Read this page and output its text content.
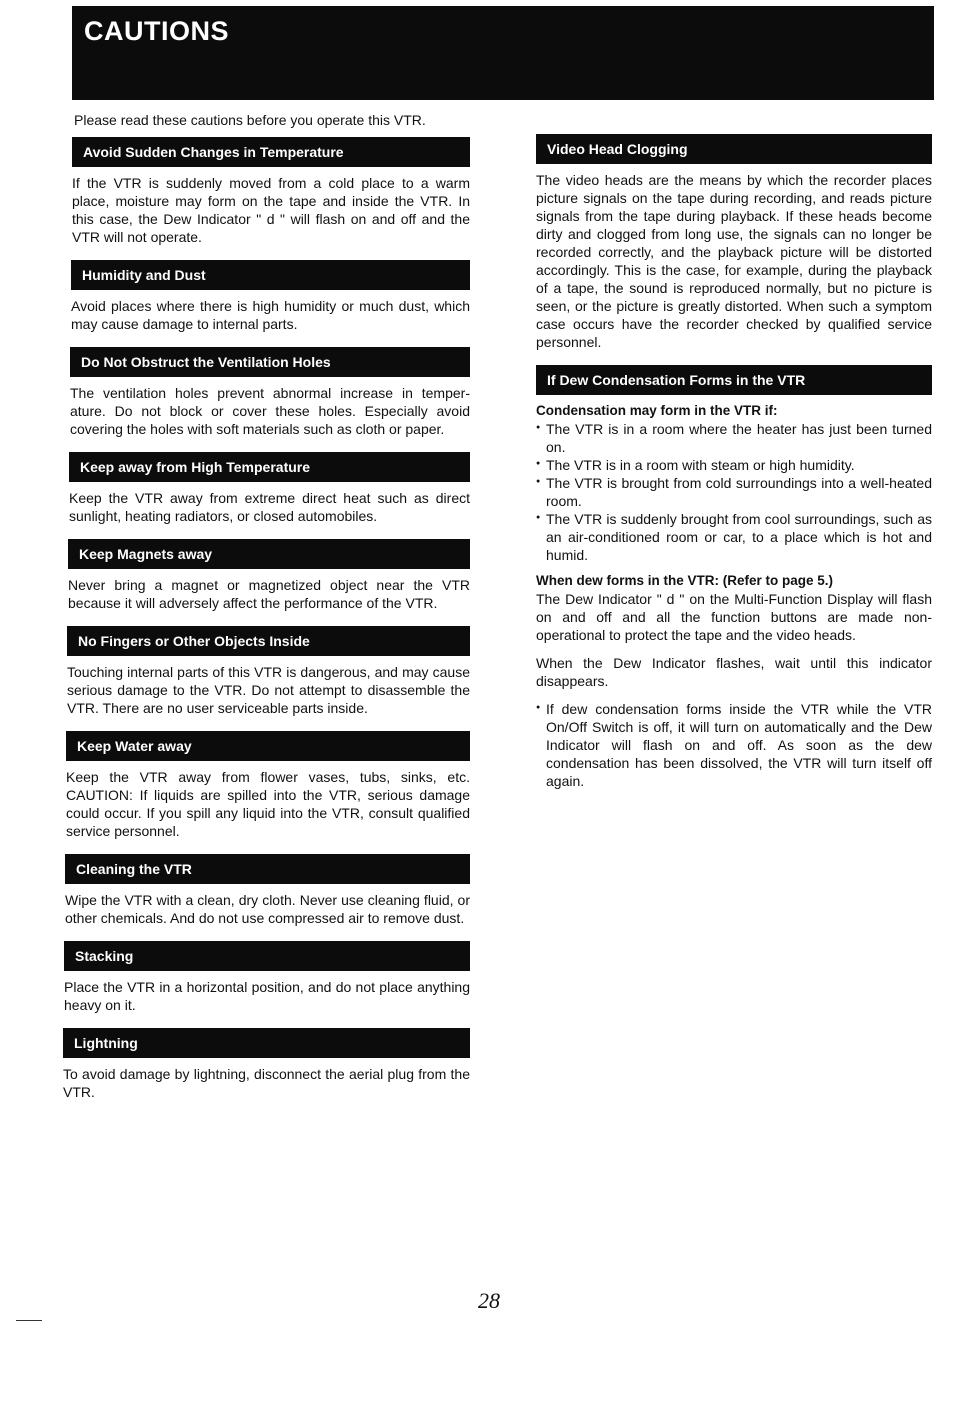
CAUTIONS

Please read these cautions before you operate this VTR.

Avoid Sudden Changes in Temperature

If the VTR is suddenly moved from a cold place to a warm place, moisture may form on the tape and inside the VTR. In this case, the Dew Indicator " d " will flash on and off and the VTR will not operate.

Humidity and Dust

Avoid places where there is high humidity or much dust, which may cause damage to internal parts.

Do Not Obstruct the Ventilation Holes

The ventilation holes prevent abnormal increase in temper-ature. Do not block or cover these holes. Especially avoid covering the holes with soft materials such as cloth or paper.

Keep away from High Temperature

Keep the VTR away from extreme direct heat such as direct sunlight, heating radiators, or closed automobiles.

Keep Magnets away

Never bring a magnet or magnetized object near the VTR because it will adversely affect the performance of the VTR.

No Fingers or Other Objects Inside

Touching internal parts of this VTR is dangerous, and may cause serious damage to the VTR. Do not attempt to disassemble the VTR. There are no user serviceable parts inside.

Keep Water away

Keep the VTR away from flower vases, tubs, sinks, etc. CAUTION: If liquids are spilled into the VTR, serious damage could occur. If you spill any liquid into the VTR, consult qualified service personnel.

Cleaning the VTR

Wipe the VTR with a clean, dry cloth. Never use cleaning fluid, or other chemicals. And do not use compressed air to remove dust.

Stacking

Place the VTR in a horizontal position, and do not place anything heavy on it.

Lightning

To avoid damage by lightning, disconnect the aerial plug from the VTR.

Video Head Clogging

The video heads are the means by which the recorder places picture signals on the tape during recording, and reads picture signals from the tape during playback. If these heads become dirty and clogged from long use, the signals can no longer be recorded correctly, and the playback picture will be distorted accordingly. This is the case, for example, during the playback of a tape, the sound is reproduced normally, but no picture is seen, or the picture is greatly distorted. When such a symptom case occurs have the recorder checked by qualified service personnel.

If Dew Condensation Forms in the VTR

Condensation may form in the VTR if:

● The VTR is in a room where the heater has just been turned on.
● The VTR is in a room with steam or high humidity.
● The VTR is brought from cold surroundings into a well-heated room.
● The VTR is suddenly brought from cool surroundings, such as an air-conditioned room or car, to a place which is hot and humid.

When dew forms in the VTR: (Refer to page 5.)

The Dew Indicator " d " on the Multi-Function Display will flash on and off and all the function buttons are made non-operational to protect the tape and the video heads.

When the Dew Indicator flashes, wait until this indicator disappears.

● If dew condensation forms inside the VTR while the VTR On/Off Switch is off, it will turn on automatically and the Dew Indicator will flash on and off. As soon as the dew condensation has been dissolved, the VTR will turn itself off again.
28
